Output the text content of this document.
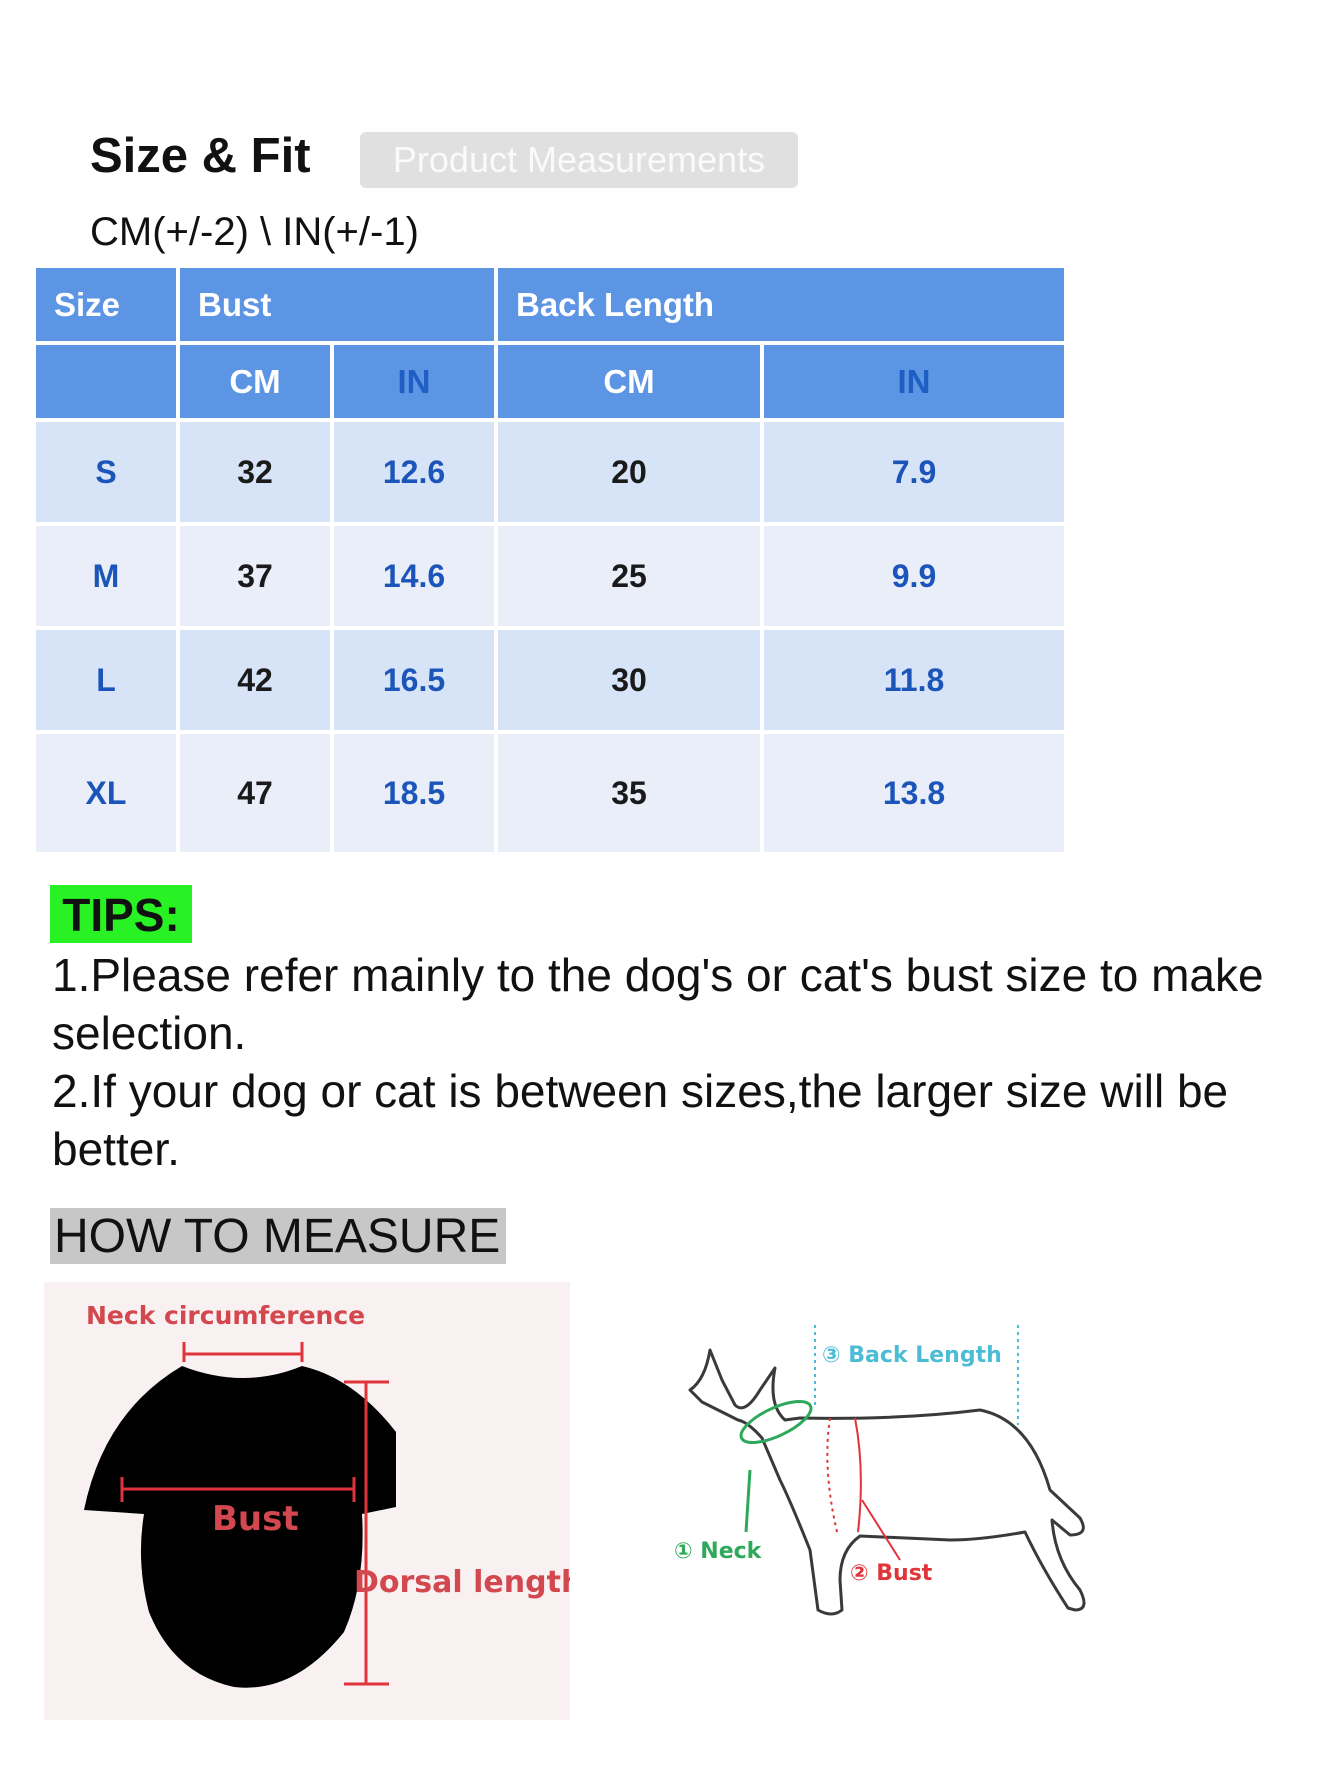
Size & Fit	Product Measurements
CM(+/-2) \ IN(+/-1)
Size	Bust		Back Length	
	CM	IN	CM	IN
S	32	12.6	20	7.9
M	37	14.6	25	9.9
L	42	16.5	30	11.8
XL	47	18.5	35	13.8
TIPS:

1.Please refer mainly to the dog's or cat's bust size to make selection.

2.If your dog or cat is between sizes,the larger size will be better.

HOW TO MEASURE
Neck circumference
Bust
Dorsal length
③ Back Length
① Neck
② Bust
